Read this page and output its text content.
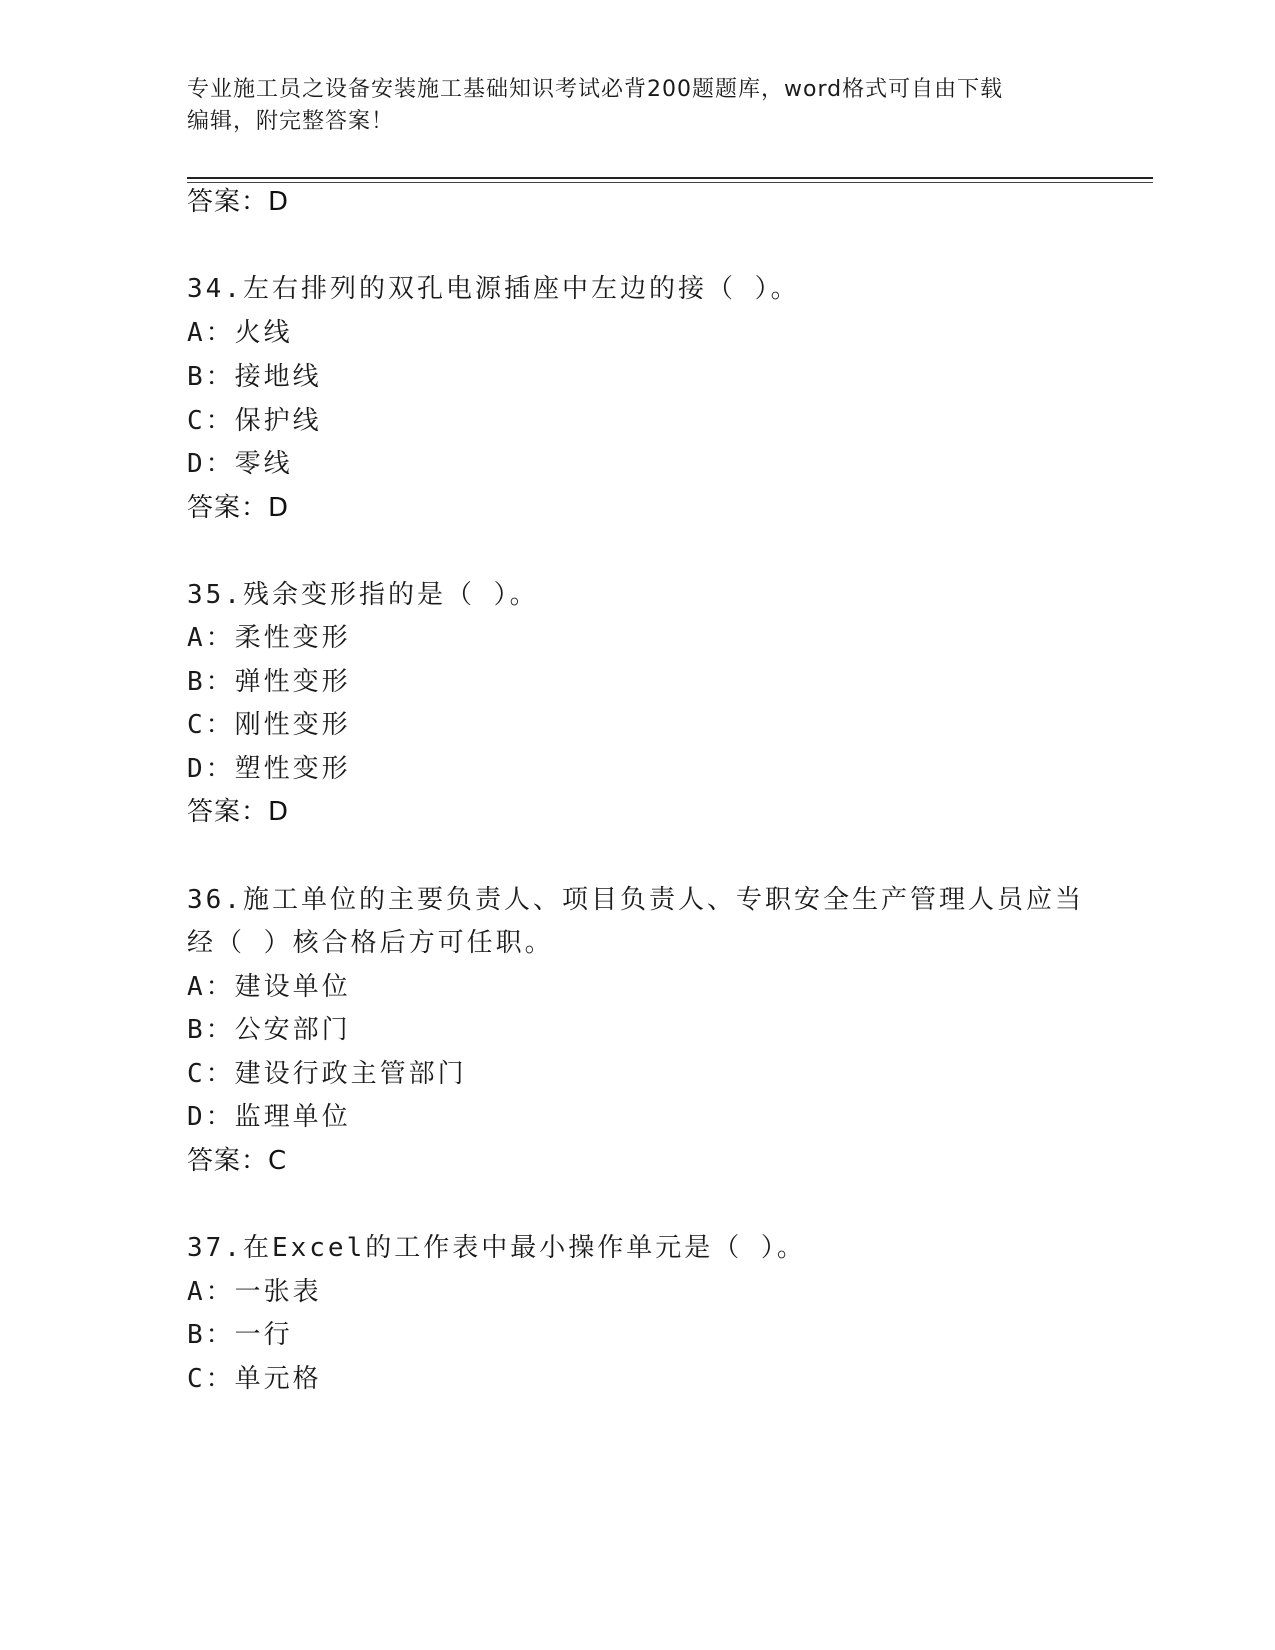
专业施工员之设备安装施工基础知识考试必背200题题库，word格式可自由下载
编辑，附完整答案！
答案：D
34.左右排列的双孔电源插座中左边的接（ ）。
A：火线
B：接地线
C：保护线
D：零线
答案：D
35.残余变形指的是（ ）。
A：柔性变形
B：弹性变形
C：刚性变形
D：塑性变形
答案：D
36.施工单位的主要负责人、项目负责人、专职安全生产管理人员应当
经（ ）核合格后方可任职。
A：建设单位
B：公安部门
C：建设行政主管部门
D：监理单位
答案：C
37.在Excel的工作表中最小操作单元是（ ）。
A：一张表
B：一行
C：单元格
